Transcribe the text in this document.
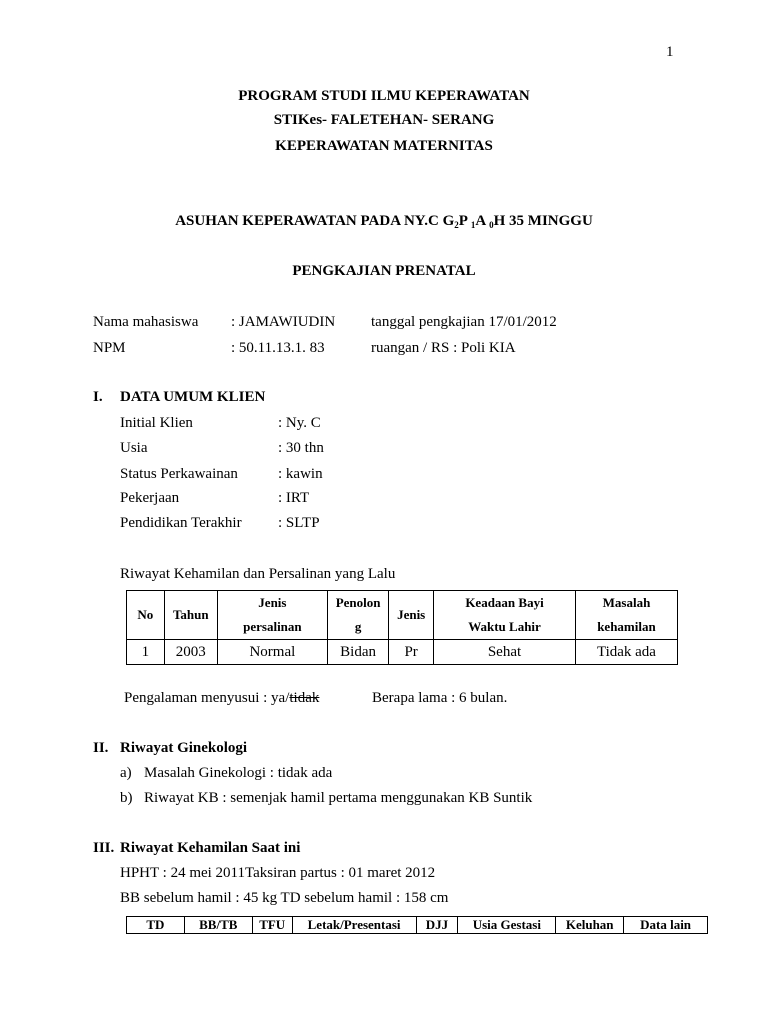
1
PROGRAM STUDI ILMU KEPERAWATAN
STIKes- FALETEHAN- SERANG
KEPERAWATAN MATERNITAS
ASUHAN KEPERAWATAN PADA NY.C $G_2P$ $_1$A $_0$H 35 MINGGU
PENGKAJIAN PRENATAL
Nama mahasiswa : JAMAWIUDIN tanggal pengkajian 17/01/2012
NPM	: 50.11.13.1. 83	ruangan / RS : Poli KIA
I. DATA UMUM KLIEN
Initial Klien	: Ny. C
Usia	: 30 thn
Status Perkawainan	: kawin
Pekerjaan	: IRT
Pendidikan Terakhir : SLTP
Riwayat Kehamilan dan Persalinan yang Lalu
No	Tahun	Jenis persalinan	Penolon g	Jenis	Keadaan Bayi Waktu Lahir	Masalah kehamilan
1	2003	Normal	Bidan	Pr	Sehat	Tidak ada
Pengalaman menyusui : ya/tidak	Berapa lama : 6 bulan.
II. Riwayat Ginekologi
a) Masalah Ginekologi : tidak ada
b) Riwayat KB : semenjak hamil pertama menggunakan KB Suntik
III. Riwayat Kehamilan Saat ini
HPHT : 24 mei 2011Taksiran partus : 01 maret 2012
BB sebelum hamil : 45 kg TD sebelum hamil : 158 cm
TD	BB/TB	TFU	Letak/Presentasi	DJJ	Usia Gestasi	Keluhan	Data lain
